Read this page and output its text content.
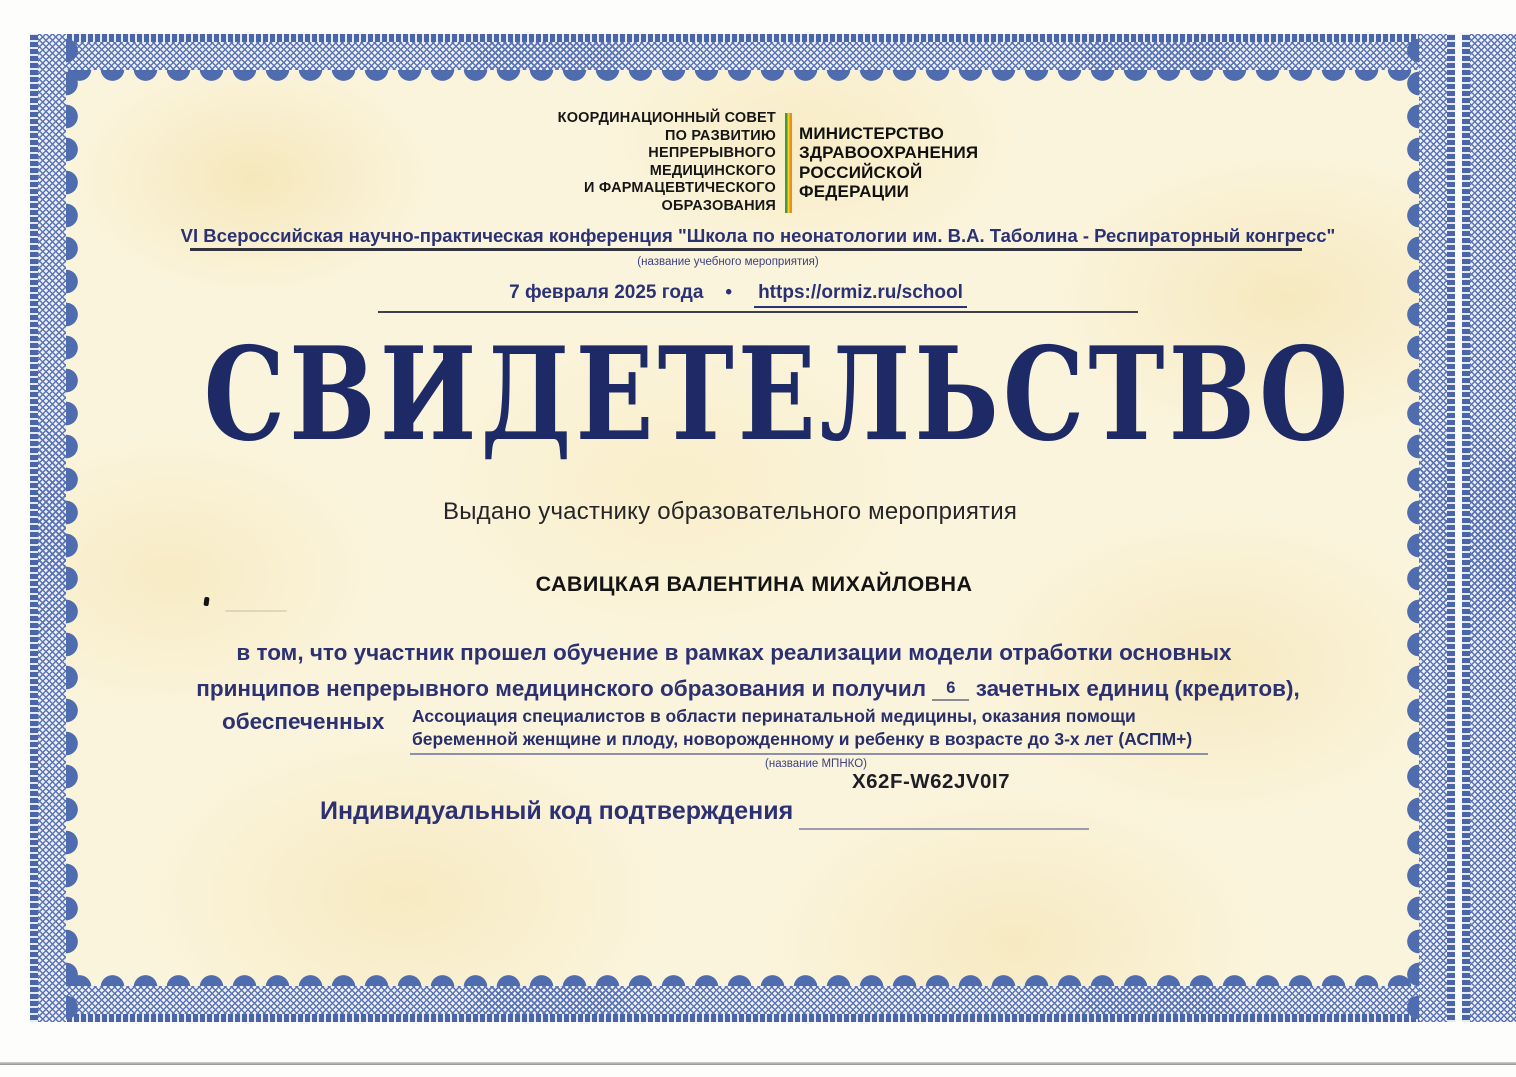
КООРДИНАЦИОННЫЙ СОВЕТ
ПО РАЗВИТИЮ НЕПРЕРЫВНОГО
МЕДИЦИНСКОГО
И ФАРМАЦЕВТИЧЕСКОГО
ОБРАЗОВАНИЯ
МИНИСТЕРСТВО
ЗДРАВООХРАНЕНИЯ
РОССИЙСКОЙ
ФЕДЕРАЦИИ
VI Всероссийская научно-практическая конференция "Школа по неонатологии им. В.А. Таболина - Респираторный конгресс"
(название учебного мероприятия)
7 февраля 2025 года • https://ormiz.ru/school
СВИДЕТЕЛЬСТВО
Выдано участнику образовательного мероприятия
САВИЦКАЯ ВАЛЕНТИНА МИХАЙЛОВНА
в том, что участник прошел обучение в рамках реализации модели отработки основных
принципов непрерывного медицинского образования и получил 6 зачетных единиц (кредитов),
обеспеченных Ассоциация специалистов в области перинатальной медицины, оказания помощи
беременной женщине и плоду, новорожденному и ребенку в возрасте до 3-х лет (АСПМ+)
(название МПНКО)
X62F-W62JV0I7
Индивидуальный код подтверждения
